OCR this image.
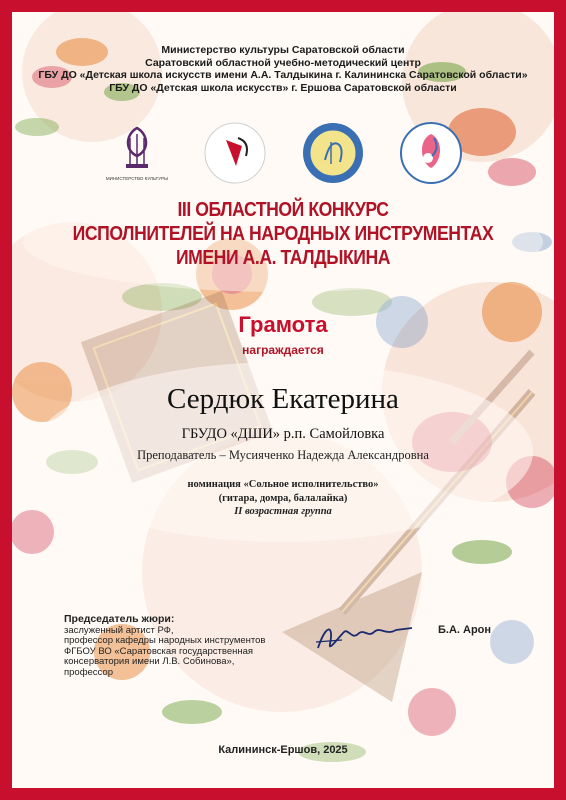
Министерство культуры Саратовской области
Саратовский областной учебно-методический центр
ГБУ ДО «Детская школа искусств имени А.А. Талдыкина г. Калининска Саратовской области»
ГБУ ДО «Детская школа искусств» г. Ершова Саратовской области
МИНИСТЕРСТВО КУЛЬТУРЫ
III ОБЛАСТНОЙ КОНКУРС
ИСПОЛНИТЕЛЕЙ НА НАРОДНЫХ ИНСТРУМЕНТАХ
ИМЕНИ А.А. ТАЛДЫКИНА
Грамота
награждается
Сердюк Екатерина
ГБУДО «ДШИ» р.п. Самойловка
Преподаватель – Мусияченко Надежда Александровна
номинация «Сольное исполнительство»
(гитара, домра, балалайка)
II возрастная группа
Председатель жюри:
заслуженный артист РФ,
профессор кафедры народных инструментов
ФГБОУ ВО «Саратовская государственная
консерватория имени Л.В. Собинова»,
профессор
Б.А. Арон
Калининск-Ершов, 2025
